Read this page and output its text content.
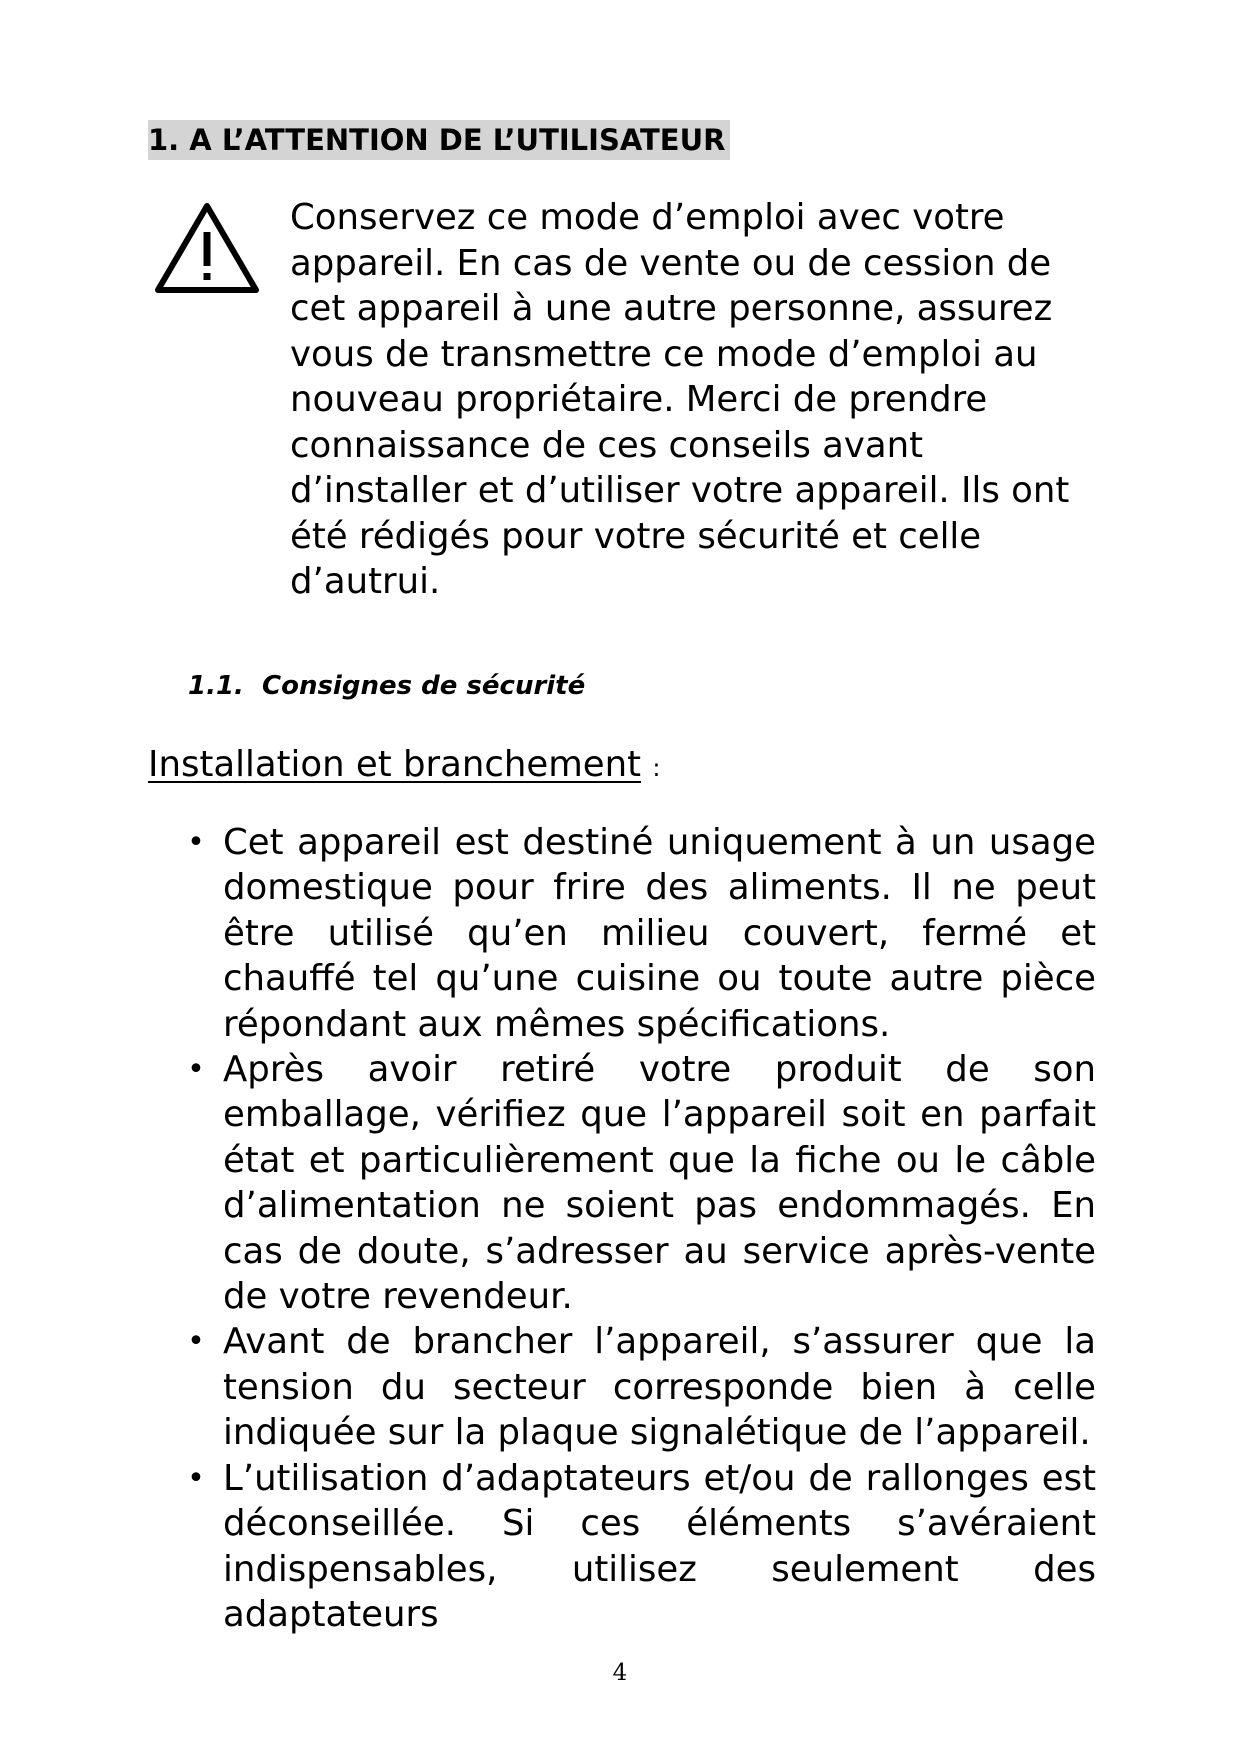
1. A L’ATTENTION DE L’UTILISATEUR

Conservez ce mode d’emploi avec votre appareil. En cas de vente ou de cession de cet appareil à une autre personne, assurez vous de transmettre ce mode d’emploi au nouveau propriétaire. Merci de prendre connaissance de ces conseils avant d’installer et d’utiliser votre appareil. Ils ont été rédigés pour votre sécurité et celle d’autrui.

1.1. Consignes de sécurité
Installation et branchement :
• Cet appareil est destiné uniquement à un usage domestique pour frire des aliments. Il ne peut être utilisé qu’en milieu couvert, fermé et chauffé tel qu’une cuisine ou toute autre pièce répondant aux mêmes spécifications.
• Après avoir retiré votre produit de son emballage, vérifiez que l’appareil soit en parfait état et particulièrement que la fiche ou le câble d’alimentation ne soient pas endommagés. En cas de doute, s’adresser au service après-vente de votre revendeur.
• Avant de brancher l’appareil, s’assurer que la tension du secteur corresponde bien à celle indiquée sur la plaque signalétique de l’appareil.
• L’utilisation d’adaptateurs et/ou de rallonges est déconseillée. Si ces éléments s’avéraient indispensables, utilisez seulement des adaptateurs
4
